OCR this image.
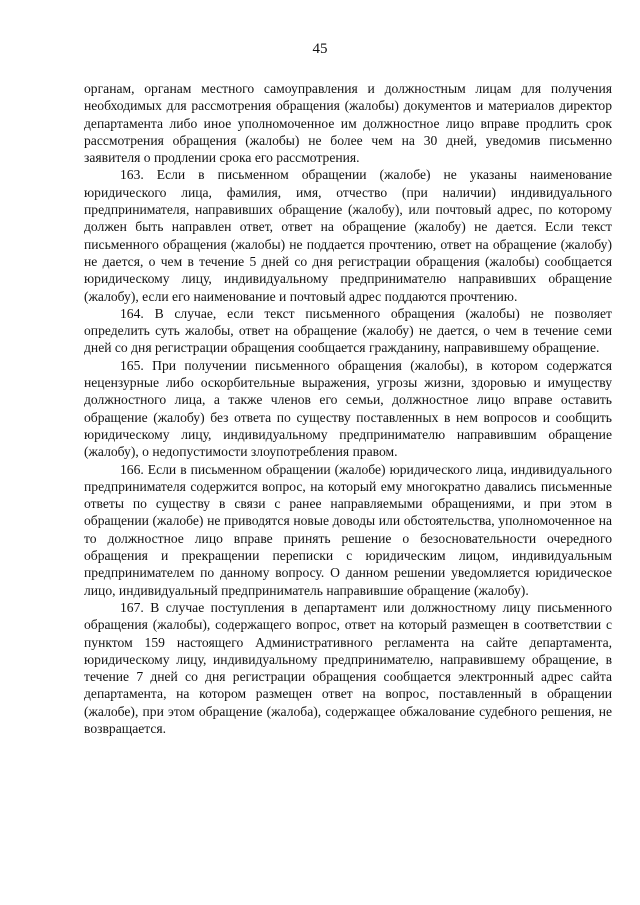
45

органам, органам местного самоуправления и должностным лицам для получения необходимых для рассмотрения обращения (жалобы) документов и материалов директор департамента либо иное уполномоченное им должностное лицо вправе продлить срок рассмотрения обращения (жалобы) не более чем на 30 дней, уведомив письменно заявителя о продлении срока его рассмотрения.

163. Если в письменном обращении (жалобе) не указаны наименование юридического лица, фамилия, имя, отчество (при наличии) индивидуального предпринимателя, направивших обращение (жалобу), или почтовый адрес, по которому должен быть направлен ответ, ответ на обращение (жалобу) не дается. Если текст письменного обращения (жалобы) не поддается прочтению, ответ на обращение (жалобу) не дается, о чем в течение 5 дней со дня регистрации обращения (жалобы) сообщается юридическому лицу, индивидуальному предпринимателю направивших обращение (жалобу), если его наименование и почтовый адрес поддаются прочтению.

164. В случае, если текст письменного обращения (жалобы) не позволяет определить суть жалобы, ответ на обращение (жалобу) не дается, о чем в течение семи дней со дня регистрации обращения сообщается гражданину, направившему обращение.

165. При получении письменного обращения (жалобы), в котором содержатся нецензурные либо оскорбительные выражения, угрозы жизни, здоровью и имуществу должностного лица, а также членов его семьи, должностное лицо вправе оставить обращение (жалобу) без ответа по существу поставленных в нем вопросов и сообщить юридическому лицу, индивидуальному предпринимателю направившим обращение (жалобу), о недопустимости злоупотребления правом.

166. Если в письменном обращении (жалобе) юридического лица, индивидуального предпринимателя содержится вопрос, на который ему многократно давались письменные ответы по существу в связи с ранее направляемыми обращениями, и при этом в обращении (жалобе) не приводятся новые доводы или обстоятельства, уполномоченное на то должностное лицо вправе принять решение о безосновательности очередного обращения и прекращении переписки с юридическим лицом, индивидуальным предпринимателем по данному вопросу. О данном решении уведомляется юридическое лицо, индивидуальный предприниматель направившие обращение (жалобу).

167. В случае поступления в департамент или должностному лицу письменного обращения (жалобы), содержащего вопрос, ответ на который размещен в соответствии с пунктом 159 настоящего Административного регламента на сайте департамента, юридическому лицу, индивидуальному предпринимателю, направившему обращение, в течение 7 дней со дня регистрации обращения сообщается электронный адрес сайта департамента, на котором размещен ответ на вопрос, поставленный в обращении (жалобе), при этом обращение (жалоба), содержащее обжалование судебного решения, не возвращается.
